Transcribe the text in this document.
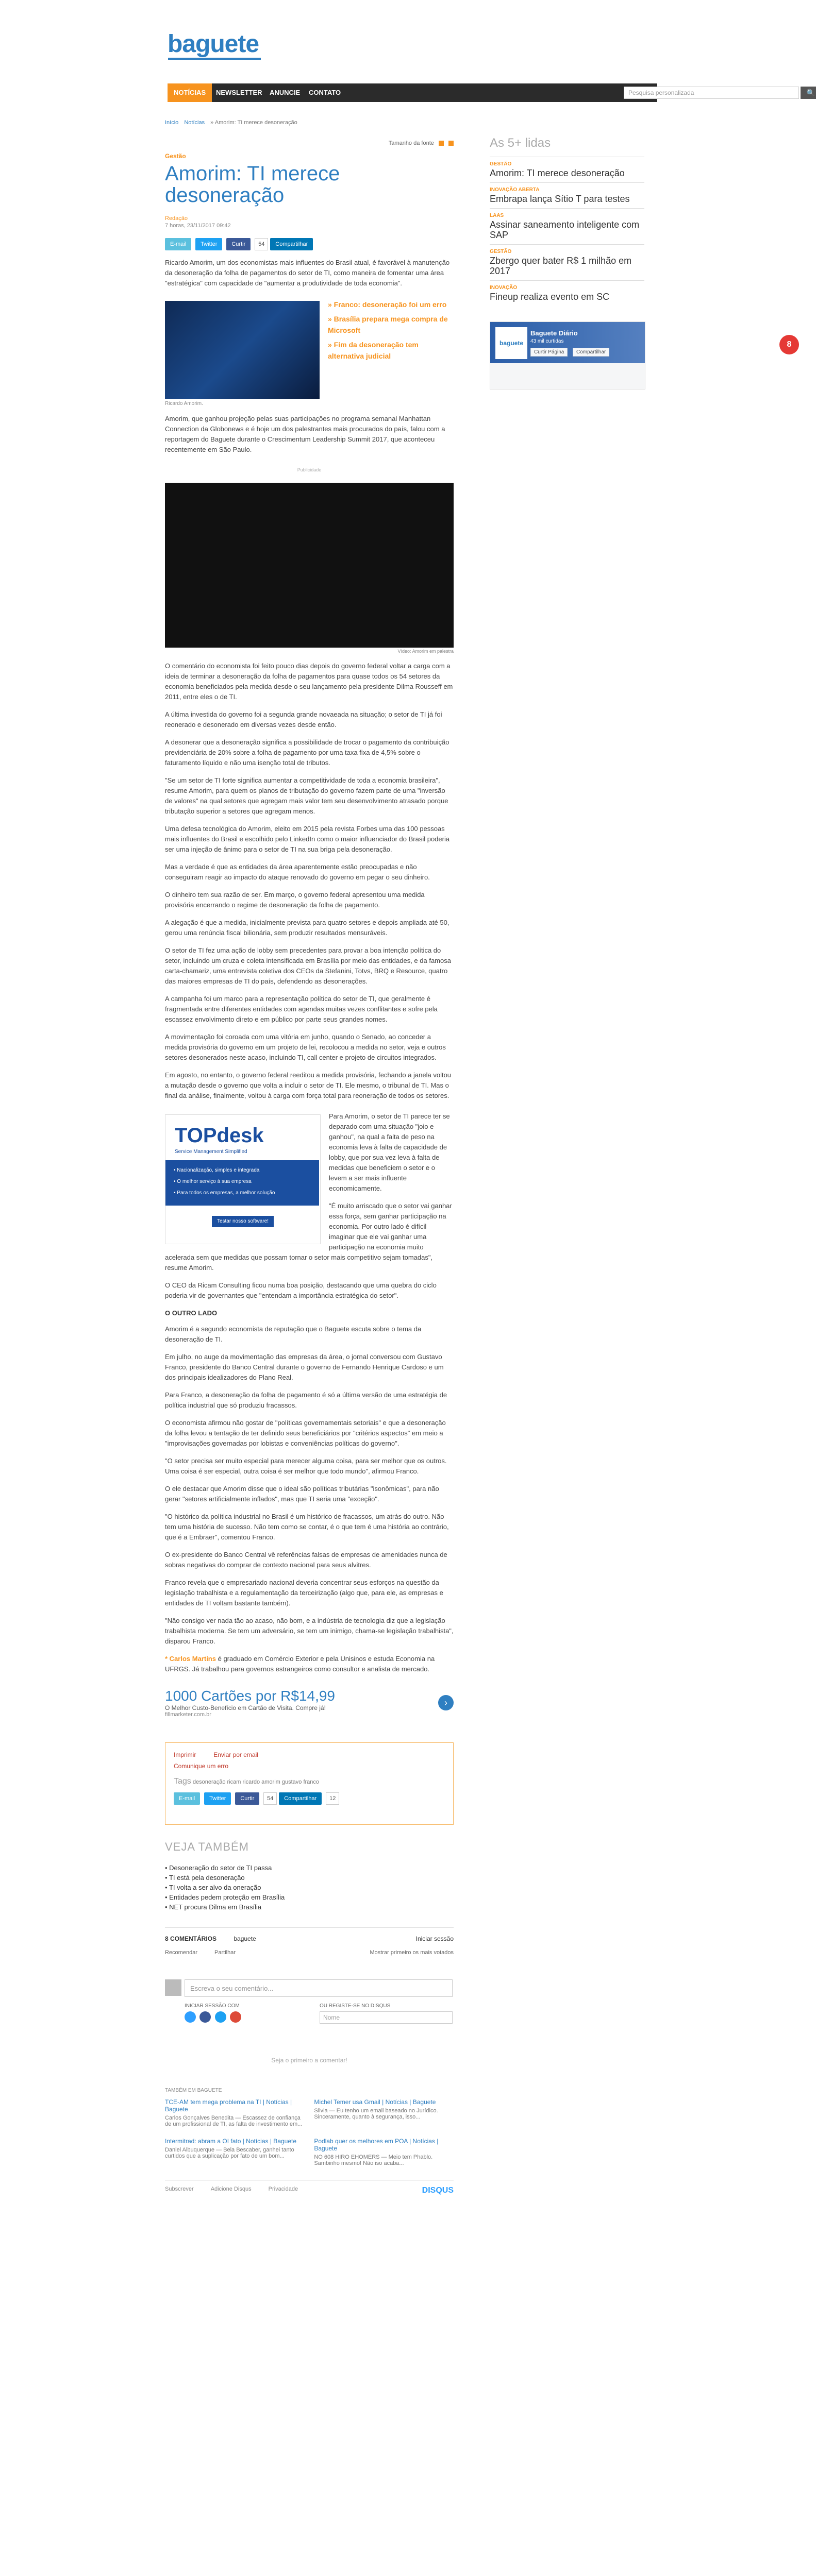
baguete
NOTÍCIAS	NEWSLETTER	ANUNCIE	CONTATO	Pesquisa personalizada	🔍
Início Notícias » Amorim: TI merece desoneração
Tamanho da fonte
Gestão
Amorim: TI merece desoneração
Redação
7 horas, 23/11/2017 09:42
E-mail	Twitter	Curtir 54 Compartilhar

Ricardo Amorim, um dos economistas mais influentes do Brasil atual, é favorável à manutenção da desoneração da folha de pagamentos do setor de TI, como maneira de fomentar uma área "estratégica" com capacidade de "aumentar a produtividade de toda economia".

» Franco: desoneração foi um erro
» Brasília prepara mega compra de Microsoft
» Fim da desoneração tem alternativa judicial
Ricardo Amorim.

Amorim, que ganhou projeção pelas suas participações no programa semanal Manhattan Connection da Globonews e é hoje um dos palestrantes mais procurados do país, falou com a reportagem do Baguete durante o Crescimentum Leadership Summit 2017, que aconteceu recentemente em São Paulo.

Publicidade
Vídeo: Amorim em palestra

O comentário do economista foi feito pouco dias depois do governo federal voltar a carga com a ideia de terminar a desoneração da folha de pagamentos para quase todos os 54 setores da economia beneficiados pela medida desde o seu lançamento pela presidente Dilma Rousseff em 2011, entre eles o de TI.

A última investida do governo foi a segunda grande novaeada na situação; o setor de TI já foi reonerado e desonerado em diversas vezes desde então.

A desonerar que a desoneração significa a possibilidade de trocar o pagamento da contribuição previdenciária de 20% sobre a folha de pagamento por uma taxa fixa de 4,5% sobre o faturamento líquido e não uma isenção total de tributos.

"Se um setor de TI forte significa aumentar a competitividade de toda a economia brasileira", resume Amorim, para quem os planos de tributação do governo fazem parte de uma "inversão de valores" na qual setores que agregam mais valor tem seu desenvolvimento atrasado porque tributação superior a setores que agregam menos.

Uma defesa tecnológica do Amorim, eleito em 2015 pela revista Forbes uma das 100 pessoas mais influentes do Brasil e escolhido pelo LinkedIn como o maior influenciador do Brasil poderia ser uma injeção de ânimo para o setor de TI na sua briga pela desoneração.

Mas a verdade é que as entidades da área aparentemente estão preocupadas e não conseguiram reagir ao impacto do ataque renovado do governo em pegar o seu dinheiro.

O dinheiro tem sua razão de ser. Em março, o governo federal apresentou uma medida provisória encerrando o regime de desoneração da folha de pagamento.

A alegação é que a medida, inicialmente prevista para quatro setores e depois ampliada até 50, gerou uma renúncia fiscal bilionária, sem produzir resultados mensuráveis.

O setor de TI fez uma ação de lobby sem precedentes para provar a boa intenção política do setor, incluindo um cruza e coleta intensificada em Brasília por meio das entidades, e da famosa carta-chamariz, uma entrevista coletiva dos CEOs da Stefanini, Totvs, BRQ e Resource, quatro das maiores empresas de TI do país, defendendo as desonerações.

A campanha foi um marco para a representação política do setor de TI, que geralmente é fragmentada entre diferentes entidades com agendas muitas vezes conflitantes e sofre pela escassez envolvimento direto e em público por parte seus grandes nomes.

A movimentação foi coroada com uma vitória em junho, quando o Senado, ao conceder a medida provisória do governo em um projeto de lei, recolocou a medida no setor, veja e outros setores desonerados neste acaso, incluindo TI, call center e projeto de circuitos integrados.

Em agosto, no entanto, o governo federal reeditou a medida provisória, fechando a janela voltou a mutação desde o governo que volta a incluir o setor de TI. Ele mesmo, o tribunal de TI. Mas o final da análise, finalmente, voltou à carga com força total para reoneração de todos os setores.

TOPdesk
Service Management Simplified
• Nacionalização, simples e integrada
• O melhor serviço à sua empresa
• Para todos os empresas, a melhor solução
Testar nosso software!

Para Amorim, o setor de TI parece ter se deparado com uma situação "joio e ganhou", na qual a falta de peso na economia leva à falta de capacidade de lobby, que por sua vez leva à falta de medidas que beneficiem o setor e o levem a ser mais influente economicamente.

"É muito arriscado que o setor vai ganhar essa força, sem ganhar participação na economia. Por outro lado é difícil imaginar que ele vai ganhar uma participação na economia muito acelerada sem que medidas que possam tornar o setor mais competitivo sejam tomadas", resume Amorim.

O CEO da Ricam Consulting ficou numa boa posição, destacando que uma quebra do ciclo poderia vir de governantes que "entendam a importância estratégica do setor".

O OUTRO LADO

Amorim é a segundo economista de reputação que o Baguete escuta sobre o tema da desoneração de TI.

Em julho, no auge da movimentação das empresas da área, o jornal conversou com Gustavo Franco, presidente do Banco Central durante o governo de Fernando Henrique Cardoso e um dos principais idealizadores do Plano Real.

Para Franco, a desoneração da folha de pagamento é só a última versão de uma estratégia de política industrial que só produziu fracassos.

O economista afirmou não gostar de "políticas governamentais setoriais" e que a desoneração da folha levou a tentação de ter definido seus beneficiários por "critérios aspectos" em meio a "improvisações governadas por lobistas e conveniências políticas do governo".

"O setor precisa ser muito especial para merecer alguma coisa, para ser melhor que os outros. Uma coisa é ser especial, outra coisa é ser melhor que todo mundo", afirmou Franco.

O ele destacar que Amorim disse que o ideal são políticas tributárias "isonômicas", para não gerar "setores artificialmente inflados", mas que TI seria uma "exceção".

"O histórico da política industrial no Brasil é um histórico de fracassos, um atrás do outro. Não tem uma história de sucesso. Não tem como se contar, é o que tem é uma história ao contrário, que é a Embraer", comentou Franco.

O ex-presidente do Banco Central vê referências falsas de empresas de amenidades nunca de sobras negativas do comprar de contexto nacional para seus alvitres.

Franco revela que o empresariado nacional deveria concentrar seus esforços na questão da legislação trabalhista e a regulamentação da terceirização (algo que, para ele, as empresas e entidades de TI voltam bastante também).

"Não consigo ver nada tão ao acaso, não bom, e a indústria de tecnologia diz que a legislação trabalhista moderna. Se tem um adversário, se tem um inimigo, chama-se legislação trabalhista", disparou Franco.

* Carlos Martins é graduado em Comércio Exterior e pela Unisinos e estuda Economia na UFRGS. Já trabalhou para governos estrangeiros como consultor e analista de mercado.

1000 Cartões por R$14,99
O Melhor Custo-Benefício em Cartão de Visita. Compre já!
fillmarketer.com.br
›
Imprimir	Enviar por email
Comunique um erro
Tags desoneração ricam ricardo amorim gustavo franco
E-mail	Twitter	Curtir 54 Compartilhar 12
VEJA TAMBÉM
• Desoneração do setor de TI passa
• TI está pela desoneração
• TI volta a ser alvo da oneração
• Entidades pedem proteção em Brasília
• NET procura Dilma em Brasília
8 COMENTÁRIOS	baguete	Iniciar sessão
Recomendar	Partilhar	Mostrar primeiro os mais votados
Escreva o seu comentário...
INICIAR SESSÃO COM
	OU REGISTE-SE NO DISQUS
Nome
Seja o primeiro a comentar!
TAMBÉM EM BAGUETE
TCE-AM tem mega problema na TI | Notícias | Baguete
Carlos Gonçalves Benedita — Escassez de confiança de um profissional de TI, as falta de investimento em...

Michel Temer usa Gmail | Notícias | Baguete
Silvia — Eu tenho um email baseado no Jurídico. Sinceramente, quanto à segurança, isso...

Intermitrad: abram a OI fato | Notícias | Baguete
Daniel Albuquerque — Bela Bescaber, ganhei tanto curtidos que a suplicação por fato de um bom...

Podlab quer os melhores em POA | Notícias | Baguete
NO 608 HIRO EHOMERS — Meio tem Phablo. Sambinho mesmo! Não iso acaba...
Subscrever	Adicione Disqus	Privacidade	DISQUS
As 5+ lidas
GESTÃO
Amorim: TI merece desoneração
INOVAÇÃO ABERTA
Embrapa lança Sítio T para testes
LAAS
Assinar saneamento inteligente com SAP
GESTÃO
Zbergo quer bater R$ 1 milhão em 2017
INOVAÇÃO
Fineup realiza evento em SC
baguete
Baguete Diário
43 mil curtidas
Curtir Página	Compartilhar
8
